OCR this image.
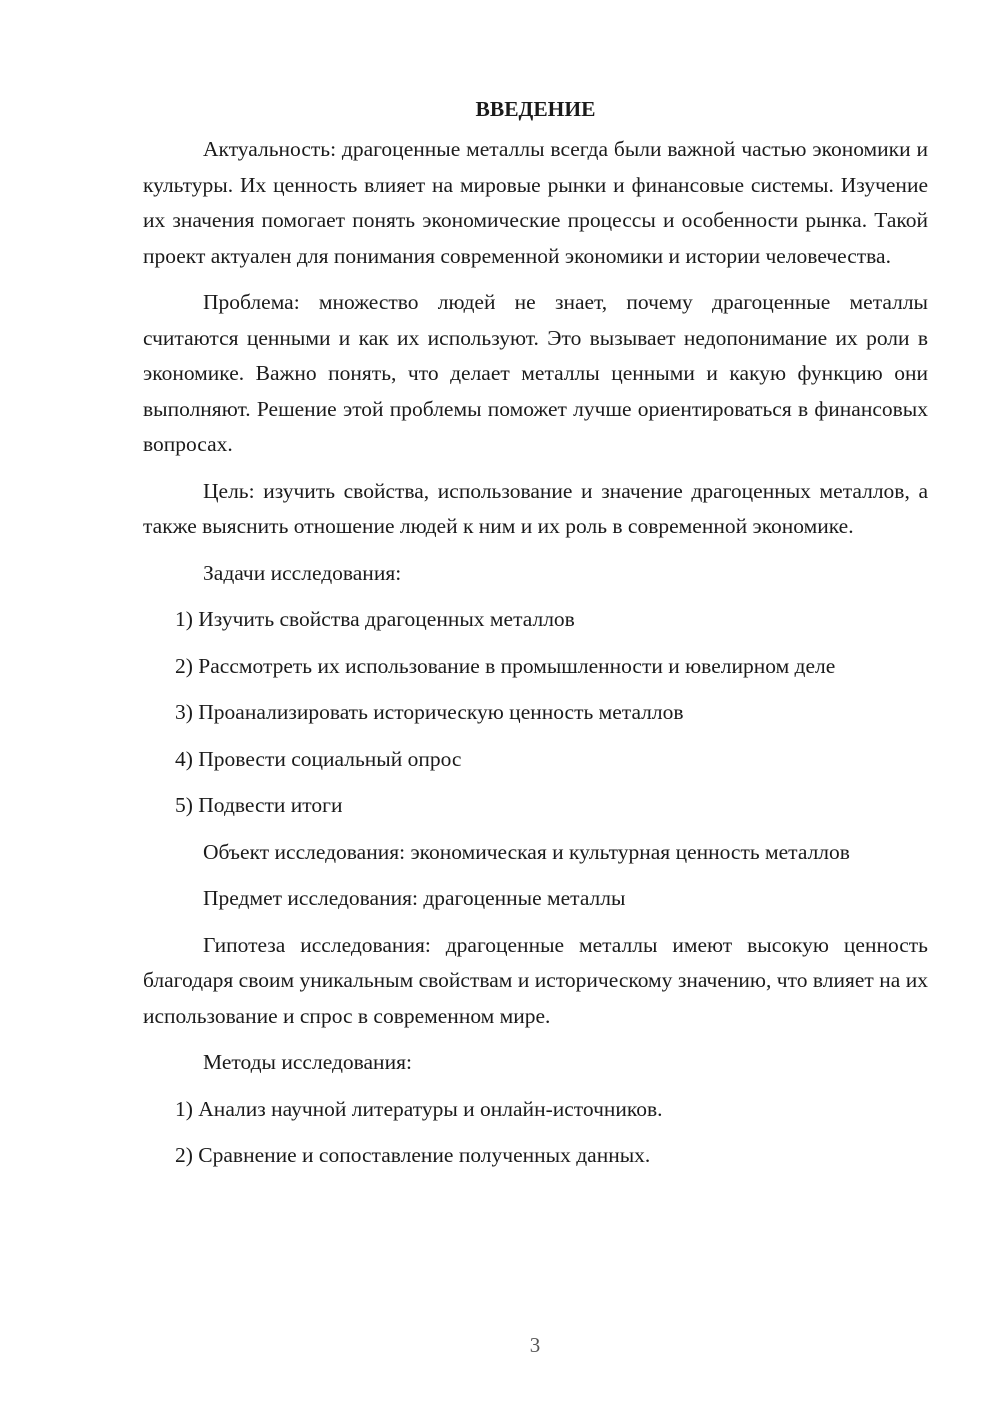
ВВЕДЕНИЕ

Актуальность: драгоценные металлы всегда были важной частью экономики и культуры. Их ценность влияет на мировые рынки и финансовые системы. Изучение их значения помогает понять экономические процессы и особенности рынка. Такой проект актуален для понимания современной экономики и истории человечества.

Проблема: множество людей не знает, почему драгоценные металлы считаются ценными и как их используют. Это вызывает недопонимание их роли в экономике. Важно понять, что делает металлы ценными и какую функцию они выполняют. Решение этой проблемы поможет лучше ориентироваться в финансовых вопросах.

Цель: изучить свойства, использование и значение драгоценных металлов, а также выяснить отношение людей к ним и их роль в современной экономике.

Задачи исследования:

1) Изучить свойства драгоценных металлов

2) Рассмотреть их использование в промышленности и ювелирном деле

3) Проанализировать историческую ценность металлов

4) Провести социальный опрос

5) Подвести итоги

Объект исследования: экономическая и культурная ценность металлов

Предмет исследования: драгоценные металлы

Гипотеза исследования: драгоценные металлы имеют высокую ценность благодаря своим уникальным свойствам и историческому значению, что влияет на их использование и спрос в современном мире.

Методы исследования:

1) Анализ научной литературы и онлайн-источников.

2) Сравнение и сопоставление полученных данных.

3
